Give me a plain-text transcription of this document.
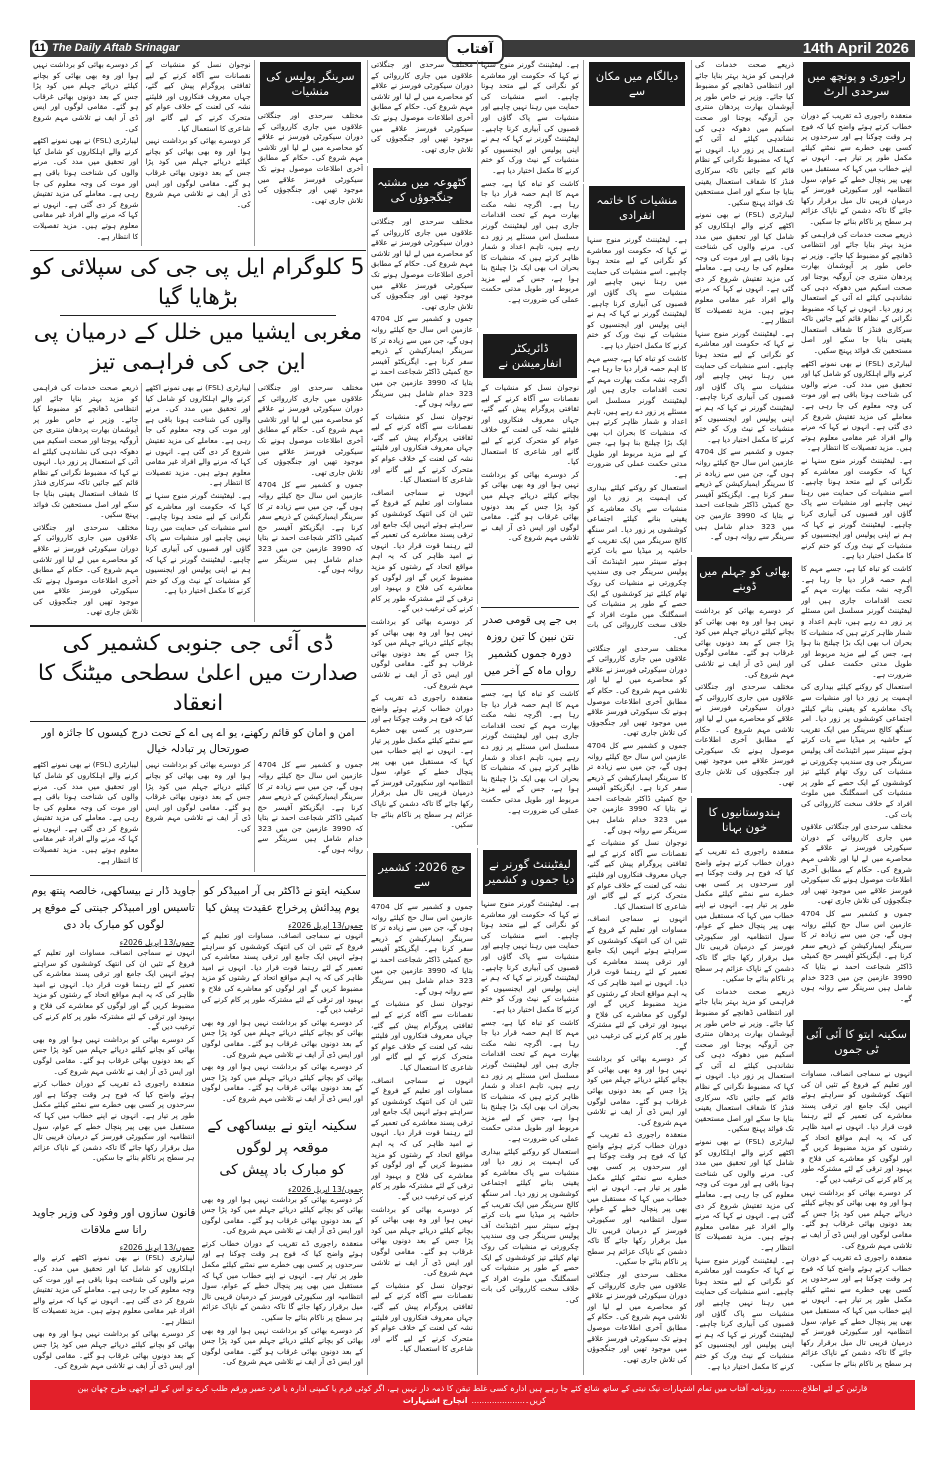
11 The Daily Aftab Srinagar	14th April 2026
آفتاب
راجوری و پونچھ میں سرحدی الرٹ

منعقدہ راجوری ڈے تقریب کے دوران خطاب کرتے ہوئے واضح کیا کہ فوج ہر وقت چوکنا ہے اور سرحدوں پر کسی بھی خطرے سے نمٹنے کیلئے مکمل طور پر تیار ہے۔ انہوں نے اپنے خطاب میں کہا کہ مستقبل میں بھی پیر پنچال خطے کے عوام، سول انتظامیہ اور سکیورٹی فورسز کے درمیان قریبی تال میل برقرار رکھا جائے گا تاکہ دشمن کے ناپاک عزائم ہر سطح پر ناکام بنائے جا سکیں۔

ذریعے صحت خدمات کی فراہمی کو مزید بہتر بنایا جائے اور انتظامی ڈھانچے کو مضبوط کیا جائے۔ وزیر نے خاص طور پر آیوشمان بھارت پردھان منتری جن آروگیہ یوجنا اور صحت اسکیم میں دھوکہ دہی کی نشاندہی کیلئے اے آئی کے استعمال پر زور دیا۔ انہوں نے کہا کہ مضبوط نگرانی کے نظام قائم کیے جائیں تاکہ سرکاری فنڈز کا شفاف استعمال یقینی بنایا جا سکے اور اصل مستحقین تک فوائد پہنچ سکیں۔

لیبارٹری (FSL) نے بھی نمونے اکٹھے کرنے والے اہلکاروں کو شامل کیا اور تحقیق میں مدد کی۔ مرنے والوں کی شناخت ہونا باقی ہے اور موت کی وجہ معلوم کی جا رہی ہے۔ معاملے کی مزید تفتیش شروع کر دی گئی ہے۔ انہوں نے کہا کہ مرنے والے افراد غیر مقامی معلوم ہوتے ہیں۔ مزید تفصیلات کا انتظار ہے۔

ہے۔ لیفٹیننٹ گورنر منوج سنہا نے کہا کہ حکومت اور معاشرے کو نگرانی کے لیے متحد ہونا چاہیے۔ اسے منشیات کی حمایت میں رہنا نہیں چاہیے اور منشیات سے پاک گاؤں اور قصبوں کی آبیاری کرنا چاہیے۔ لیفٹیننٹ گورنر نے کہا کہ ہم نے اپنی پولیس اور ایجنسیوں کو منشیات کے نیٹ ورک کو ختم کرنے کا مکمل اختیار دیا ہے۔

کاشت کو تباہ کیا ہے، جسے مہم کا اہم حصہ قرار دیا جا رہا ہے۔ اگرچہ نشہ مکت بھارت مہم کے تحت اقدامات جاری ہیں اور لیفٹیننٹ گورنر مسلسل اس مسئلے پر زور دے رہے ہیں، تاہم اعداد و شمار ظاہر کرتے ہیں کہ منشیات کا بحران اب بھی ایک بڑا چیلنج بنا ہوا ہے، جس کے لیے مزید مربوط اور طویل مدتی حکمت عملی کی ضرورت ہے۔

استعمال کو روکنے کیلئے بیداری کی اہمیت پر زور دیا اور منشیات سے پاک معاشرے کو یقینی بنانے کیلئے اجتماعی کوششوں پر زور دیا۔ امر سنگھ کالج سرینگر میں ایک تقریب کے حاشیہ پر میڈیا سے بات کرتے ہوئے سینئر سپر انٹینڈنٹ آف پولیس سرینگر جی وی سندیپ چکرورتی نے منشیات کی روک تھام کیلئے تیز کوششوں کے ایک حصے کے طور پر منشیات کی اسمگلنگ میں ملوث افراد کے خلاف سخت کارروائی کی بات کی۔

مختلف سرحدی اور جنگلاتی علاقوں میں جاری کارروائی کے دوران سیکورٹی فورسز نے علاقے کو محاصرے میں لے لیا اور تلاشی مہم شروع کی۔ حکام کے مطابق آخری اطلاعات موصول ہونے تک سیکورٹی فورسز علاقے میں موجود تھیں اور جنگجوؤں کی تلاش جاری تھی۔

جموں و کشمیر سے کل 4704 عازمین اس سال حج کیلئے روانہ ہوں گے، جن میں سے زیادہ تر کا سرینگر ایمبارکیشن کے ذریعے سفر کرنا ہے۔ ایگزیکٹو آفیسر حج کمیٹی ڈاکٹر شجاعت احمد نے بتایا کہ 3990 عازمین جن میں 323 خدام شامل ہیں سرینگر سے روانہ ہوں گے۔

سکینہ ایتو کا آئی آئی ٹی جموں

انہوں نے سماجی انصاف، مساوات اور تعلیم کے فروغ کے تئیں ان کی انتھک کوششوں کو سراہتے ہوئے انہیں ایک جامع اور ترقی پسند معاشرے کی تعمیر کے لئے رہنما قوت قرار دیا۔ انہوں نے امید ظاہر کی کہ یہ اہم مواقع اتحاد کے رشتوں کو مزید مضبوط کریں گے اور لوگوں کو معاشرے کی فلاح و بہبود اور ترقی کے لئے مشترکہ طور پر کام کرنے کی ترغیب دیں گے۔

کر دوسرے بھائی کو برداشت نہیں ہوا اور وہ بھی بھائی کو بچانے کیلئے دریائے جہلم میں کود پڑا جس کے بعد دونوں بھائی غرقاب ہو گئے۔ مقامی لوگوں اور ایس ڈی آر ایف نے تلاشی مہم شروع کی۔

منعقدہ راجوری ڈے تقریب کے دوران خطاب کرتے ہوئے واضح کیا کہ فوج ہر وقت چوکنا ہے اور سرحدوں پر کسی بھی خطرے سے نمٹنے کیلئے مکمل طور پر تیار ہے۔ انہوں نے اپنے خطاب میں کہا کہ مستقبل میں بھی پیر پنچال خطے کے عوام، سول انتظامیہ اور سکیورٹی فورسز کے درمیان قریبی تال میل برقرار رکھا جائے گا تاکہ دشمن کے ناپاک عزائم ہر سطح پر ناکام بنائے جا سکیں۔

ذریعے صحت خدمات کی فراہمی کو مزید بہتر بنایا جائے اور انتظامی ڈھانچے کو مضبوط کیا جائے۔ وزیر نے خاص طور پر آیوشمان بھارت پردھان منتری جن آروگیہ یوجنا اور صحت اسکیم میں دھوکہ دہی کی نشاندہی کیلئے اے آئی کے استعمال پر زور دیا۔ انہوں نے کہا کہ مضبوط نگرانی کے نظام قائم کیے جائیں تاکہ سرکاری فنڈز کا شفاف استعمال یقینی بنایا جا سکے اور اصل مستحقین تک فوائد پہنچ سکیں۔

لیبارٹری (FSL) نے بھی نمونے اکٹھے کرنے والے اہلکاروں کو شامل کیا اور تحقیق میں مدد کی۔ مرنے والوں کی شناخت ہونا باقی ہے اور موت کی وجہ معلوم کی جا رہی ہے۔ معاملے کی مزید تفتیش شروع کر دی گئی ہے۔ انہوں نے کہا کہ مرنے والے افراد غیر مقامی معلوم ہوتے ہیں۔ مزید تفصیلات کا انتظار ہے۔

ہے۔ لیفٹیننٹ گورنر منوج سنہا نے کہا کہ حکومت اور معاشرے کو نگرانی کے لیے متحد ہونا چاہیے۔ اسے منشیات کی حمایت میں رہنا نہیں چاہیے اور منشیات سے پاک گاؤں اور قصبوں کی آبیاری کرنا چاہیے۔ لیفٹیننٹ گورنر نے کہا کہ ہم نے اپنی پولیس اور ایجنسیوں کو منشیات کے نیٹ ورک کو ختم کرنے کا مکمل اختیار دیا ہے۔

جموں و کشمیر سے کل 4704 عازمین اس سال حج کیلئے روانہ ہوں گے، جن میں سے زیادہ تر کا سرینگر ایمبارکیشن کے ذریعے سفر کرنا ہے۔ ایگزیکٹو آفیسر حج کمیٹی ڈاکٹر شجاعت احمد نے بتایا کہ 3990 عازمین جن میں 323 خدام شامل ہیں سرینگر سے روانہ ہوں گے۔

بھائی کو جہلم میں ڈوبنے

کر دوسرے بھائی کو برداشت نہیں ہوا اور وہ بھی بھائی کو بچانے کیلئے دریائے جہلم میں کود پڑا جس کے بعد دونوں بھائی غرقاب ہو گئے۔ مقامی لوگوں اور ایس ڈی آر ایف نے تلاشی مہم شروع کی۔

مختلف سرحدی اور جنگلاتی علاقوں میں جاری کارروائی کے دوران سیکورٹی فورسز نے علاقے کو محاصرے میں لے لیا اور تلاشی مہم شروع کی۔ حکام کے مطابق آخری اطلاعات موصول ہونے تک سیکورٹی فورسز علاقے میں موجود تھیں اور جنگجوؤں کی تلاش جاری تھی۔

ہندوستانیوں کا خون بہانا

منعقدہ راجوری ڈے تقریب کے دوران خطاب کرتے ہوئے واضح کیا کہ فوج ہر وقت چوکنا ہے اور سرحدوں پر کسی بھی خطرے سے نمٹنے کیلئے مکمل طور پر تیار ہے۔ انہوں نے اپنے خطاب میں کہا کہ مستقبل میں بھی پیر پنچال خطے کے عوام، سول انتظامیہ اور سکیورٹی فورسز کے درمیان قریبی تال میل برقرار رکھا جائے گا تاکہ دشمن کے ناپاک عزائم ہر سطح پر ناکام بنائے جا سکیں۔

ذریعے صحت خدمات کی فراہمی کو مزید بہتر بنایا جائے اور انتظامی ڈھانچے کو مضبوط کیا جائے۔ وزیر نے خاص طور پر آیوشمان بھارت پردھان منتری جن آروگیہ یوجنا اور صحت اسکیم میں دھوکہ دہی کی نشاندہی کیلئے اے آئی کے استعمال پر زور دیا۔ انہوں نے کہا کہ مضبوط نگرانی کے نظام قائم کیے جائیں تاکہ سرکاری فنڈز کا شفاف استعمال یقینی بنایا جا سکے اور اصل مستحقین تک فوائد پہنچ سکیں۔

لیبارٹری (FSL) نے بھی نمونے اکٹھے کرنے والے اہلکاروں کو شامل کیا اور تحقیق میں مدد کی۔ مرنے والوں کی شناخت ہونا باقی ہے اور موت کی وجہ معلوم کی جا رہی ہے۔ معاملے کی مزید تفتیش شروع کر دی گئی ہے۔ انہوں نے کہا کہ مرنے والے افراد غیر مقامی معلوم ہوتے ہیں۔ مزید تفصیلات کا انتظار ہے۔

ہے۔ لیفٹیننٹ گورنر منوج سنہا نے کہا کہ حکومت اور معاشرے کو نگرانی کے لیے متحد ہونا چاہیے۔ اسے منشیات کی حمایت میں رہنا نہیں چاہیے اور منشیات سے پاک گاؤں اور قصبوں کی آبیاری کرنا چاہیے۔ لیفٹیننٹ گورنر نے کہا کہ ہم نے اپنی پولیس اور ایجنسیوں کو منشیات کے نیٹ ورک کو ختم کرنے کا مکمل اختیار دیا ہے۔

دیالگام میں مکان سے
منشیات کا خاتمہ انفرادی

ہے۔ لیفٹیننٹ گورنر منوج سنہا نے کہا کہ حکومت اور معاشرے کو نگرانی کے لیے متحد ہونا چاہیے۔ اسے منشیات کی حمایت میں رہنا نہیں چاہیے اور منشیات سے پاک گاؤں اور قصبوں کی آبیاری کرنا چاہیے۔ لیفٹیننٹ گورنر نے کہا کہ ہم نے اپنی پولیس اور ایجنسیوں کو منشیات کے نیٹ ورک کو ختم کرنے کا مکمل اختیار دیا ہے۔

کاشت کو تباہ کیا ہے، جسے مہم کا اہم حصہ قرار دیا جا رہا ہے۔ اگرچہ نشہ مکت بھارت مہم کے تحت اقدامات جاری ہیں اور لیفٹیننٹ گورنر مسلسل اس مسئلے پر زور دے رہے ہیں، تاہم اعداد و شمار ظاہر کرتے ہیں کہ منشیات کا بحران اب بھی ایک بڑا چیلنج بنا ہوا ہے، جس کے لیے مزید مربوط اور طویل مدتی حکمت عملی کی ضرورت ہے۔

استعمال کو روکنے کیلئے بیداری کی اہمیت پر زور دیا اور منشیات سے پاک معاشرے کو یقینی بنانے کیلئے اجتماعی کوششوں پر زور دیا۔ امر سنگھ کالج سرینگر میں ایک تقریب کے حاشیہ پر میڈیا سے بات کرتے ہوئے سینئر سپر انٹینڈنٹ آف پولیس سرینگر جی وی سندیپ چکرورتی نے منشیات کی روک تھام کیلئے تیز کوششوں کے ایک حصے کے طور پر منشیات کی اسمگلنگ میں ملوث افراد کے خلاف سخت کارروائی کی بات کی۔

مختلف سرحدی اور جنگلاتی علاقوں میں جاری کارروائی کے دوران سیکورٹی فورسز نے علاقے کو محاصرے میں لے لیا اور تلاشی مہم شروع کی۔ حکام کے مطابق آخری اطلاعات موصول ہونے تک سیکورٹی فورسز علاقے میں موجود تھیں اور جنگجوؤں کی تلاش جاری تھی۔

جموں و کشمیر سے کل 4704 عازمین اس سال حج کیلئے روانہ ہوں گے، جن میں سے زیادہ تر کا سرینگر ایمبارکیشن کے ذریعے سفر کرنا ہے۔ ایگزیکٹو آفیسر حج کمیٹی ڈاکٹر شجاعت احمد نے بتایا کہ 3990 عازمین جن میں 323 خدام شامل ہیں سرینگر سے روانہ ہوں گے۔

نوجوان نسل کو منشیات کے نقصانات سے آگاہ کرنے کے لیے ثقافتی پروگرام پیش کیے گئے، جہاں معروف فنکاروں اور فلیئنے نشہ کی لعنت کے خلاف عوام کو متحرک کرنے کے لیے گانے اور شاعری کا استعمال کیا۔

انہوں نے سماجی انصاف، مساوات اور تعلیم کے فروغ کے تئیں ان کی انتھک کوششوں کو سراہتے ہوئے انہیں ایک جامع اور ترقی پسند معاشرے کی تعمیر کے لئے رہنما قوت قرار دیا۔ انہوں نے امید ظاہر کی کہ یہ اہم مواقع اتحاد کے رشتوں کو مزید مضبوط کریں گے اور لوگوں کو معاشرے کی فلاح و بہبود اور ترقی کے لئے مشترکہ طور پر کام کرنے کی ترغیب دیں گے۔

کر دوسرے بھائی کو برداشت نہیں ہوا اور وہ بھی بھائی کو بچانے کیلئے دریائے جہلم میں کود پڑا جس کے بعد دونوں بھائی غرقاب ہو گئے۔ مقامی لوگوں اور ایس ڈی آر ایف نے تلاشی مہم شروع کی۔

منعقدہ راجوری ڈے تقریب کے دوران خطاب کرتے ہوئے واضح کیا کہ فوج ہر وقت چوکنا ہے اور سرحدوں پر کسی بھی خطرے سے نمٹنے کیلئے مکمل طور پر تیار ہے۔ انہوں نے اپنے خطاب میں کہا کہ مستقبل میں بھی پیر پنچال خطے کے عوام، سول انتظامیہ اور سکیورٹی فورسز کے درمیان قریبی تال میل برقرار رکھا جائے گا تاکہ دشمن کے ناپاک عزائم ہر سطح پر ناکام بنائے جا سکیں۔

مختلف سرحدی اور جنگلاتی علاقوں میں جاری کارروائی کے دوران سیکورٹی فورسز نے علاقے کو محاصرے میں لے لیا اور تلاشی مہم شروع کی۔ حکام کے مطابق آخری اطلاعات موصول ہونے تک سیکورٹی فورسز علاقے میں موجود تھیں اور جنگجوؤں کی تلاش جاری تھی۔

ہے۔ لیفٹیننٹ گورنر منوج سنہا نے کہا کہ حکومت اور معاشرے کو نگرانی کے لیے متحد ہونا چاہیے۔ اسے منشیات کی حمایت میں رہنا نہیں چاہیے اور منشیات سے پاک گاؤں اور قصبوں کی آبیاری کرنا چاہیے۔ لیفٹیننٹ گورنر نے کہا کہ ہم نے اپنی پولیس اور ایجنسیوں کو منشیات کے نیٹ ورک کو ختم کرنے کا مکمل اختیار دیا ہے۔

کاشت کو تباہ کیا ہے، جسے مہم کا اہم حصہ قرار دیا جا رہا ہے۔ اگرچہ نشہ مکت بھارت مہم کے تحت اقدامات جاری ہیں اور لیفٹیننٹ گورنر مسلسل اس مسئلے پر زور دے رہے ہیں، تاہم اعداد و شمار ظاہر کرتے ہیں کہ منشیات کا بحران اب بھی ایک بڑا چیلنج بنا ہوا ہے، جس کے لیے مزید مربوط اور طویل مدتی حکمت عملی کی ضرورت ہے۔

ڈائریکٹر انفارمیشن نے

نوجوان نسل کو منشیات کے نقصانات سے آگاہ کرنے کے لیے ثقافتی پروگرام پیش کیے گئے، جہاں معروف فنکاروں اور فلیئنے نشہ کی لعنت کے خلاف عوام کو متحرک کرنے کے لیے گانے اور شاعری کا استعمال کیا۔

کر دوسرے بھائی کو برداشت نہیں ہوا اور وہ بھی بھائی کو بچانے کیلئے دریائے جہلم میں کود پڑا جس کے بعد دونوں بھائی غرقاب ہو گئے۔ مقامی لوگوں اور ایس ڈی آر ایف نے تلاشی مہم شروع کی۔

بی جے پی قومی صدر نتن نبین کا تین روزہ دورہ جموں کشمیر رواں ماہ کے آخر میں

کاشت کو تباہ کیا ہے، جسے مہم کا اہم حصہ قرار دیا جا رہا ہے۔ اگرچہ نشہ مکت بھارت مہم کے تحت اقدامات جاری ہیں اور لیفٹیننٹ گورنر مسلسل اس مسئلے پر زور دے رہے ہیں، تاہم اعداد و شمار ظاہر کرتے ہیں کہ منشیات کا بحران اب بھی ایک بڑا چیلنج بنا ہوا ہے، جس کے لیے مزید مربوط اور طویل مدتی حکمت عملی کی ضرورت ہے۔

لیفٹیننٹ گورنر نے دیا جموں و کشمیر

ہے۔ لیفٹیننٹ گورنر منوج سنہا نے کہا کہ حکومت اور معاشرے کو نگرانی کے لیے متحد ہونا چاہیے۔ اسے منشیات کی حمایت میں رہنا نہیں چاہیے اور منشیات سے پاک گاؤں اور قصبوں کی آبیاری کرنا چاہیے۔ لیفٹیننٹ گورنر نے کہا کہ ہم نے اپنی پولیس اور ایجنسیوں کو منشیات کے نیٹ ورک کو ختم کرنے کا مکمل اختیار دیا ہے۔

کاشت کو تباہ کیا ہے، جسے مہم کا اہم حصہ قرار دیا جا رہا ہے۔ اگرچہ نشہ مکت بھارت مہم کے تحت اقدامات جاری ہیں اور لیفٹیننٹ گورنر مسلسل اس مسئلے پر زور دے رہے ہیں، تاہم اعداد و شمار ظاہر کرتے ہیں کہ منشیات کا بحران اب بھی ایک بڑا چیلنج بنا ہوا ہے، جس کے لیے مزید مربوط اور طویل مدتی حکمت عملی کی ضرورت ہے۔

استعمال کو روکنے کیلئے بیداری کی اہمیت پر زور دیا اور منشیات سے پاک معاشرے کو یقینی بنانے کیلئے اجتماعی کوششوں پر زور دیا۔ امر سنگھ کالج سرینگر میں ایک تقریب کے حاشیہ پر میڈیا سے بات کرتے ہوئے سینئر سپر انٹینڈنٹ آف پولیس سرینگر جی وی سندیپ چکرورتی نے منشیات کی روک تھام کیلئے تیز کوششوں کے ایک حصے کے طور پر منشیات کی اسمگلنگ میں ملوث افراد کے خلاف سخت کارروائی کی بات کی۔

مختلف سرحدی اور جنگلاتی علاقوں میں جاری کارروائی کے دوران سیکورٹی فورسز نے علاقے کو محاصرے میں لے لیا اور تلاشی مہم شروع کی۔ حکام کے مطابق آخری اطلاعات موصول ہونے تک سیکورٹی فورسز علاقے میں موجود تھیں اور جنگجوؤں کی تلاش جاری تھی۔

کٹھوعہ میں مشتبہ جنگجوؤں کی

مختلف سرحدی اور جنگلاتی علاقوں میں جاری کارروائی کے دوران سیکورٹی فورسز نے علاقے کو محاصرے میں لے لیا اور تلاشی مہم شروع کی۔ حکام کے مطابق آخری اطلاعات موصول ہونے تک سیکورٹی فورسز علاقے میں موجود تھیں اور جنگجوؤں کی تلاش جاری تھی۔

جموں و کشمیر سے کل 4704 عازمین اس سال حج کیلئے روانہ ہوں گے، جن میں سے زیادہ تر کا سرینگر ایمبارکیشن کے ذریعے سفر کرنا ہے۔ ایگزیکٹو آفیسر حج کمیٹی ڈاکٹر شجاعت احمد نے بتایا کہ 3990 عازمین جن میں 323 خدام شامل ہیں سرینگر سے روانہ ہوں گے۔

نوجوان نسل کو منشیات کے نقصانات سے آگاہ کرنے کے لیے ثقافتی پروگرام پیش کیے گئے، جہاں معروف فنکاروں اور فلیئنے نشہ کی لعنت کے خلاف عوام کو متحرک کرنے کے لیے گانے اور شاعری کا استعمال کیا۔

انہوں نے سماجی انصاف، مساوات اور تعلیم کے فروغ کے تئیں ان کی انتھک کوششوں کو سراہتے ہوئے انہیں ایک جامع اور ترقی پسند معاشرے کی تعمیر کے لئے رہنما قوت قرار دیا۔ انہوں نے امید ظاہر کی کہ یہ اہم مواقع اتحاد کے رشتوں کو مزید مضبوط کریں گے اور لوگوں کو معاشرے کی فلاح و بہبود اور ترقی کے لئے مشترکہ طور پر کام کرنے کی ترغیب دیں گے۔

کر دوسرے بھائی کو برداشت نہیں ہوا اور وہ بھی بھائی کو بچانے کیلئے دریائے جہلم میں کود پڑا جس کے بعد دونوں بھائی غرقاب ہو گئے۔ مقامی لوگوں اور ایس ڈی آر ایف نے تلاشی مہم شروع کی۔

منعقدہ راجوری ڈے تقریب کے دوران خطاب کرتے ہوئے واضح کیا کہ فوج ہر وقت چوکنا ہے اور سرحدوں پر کسی بھی خطرے سے نمٹنے کیلئے مکمل طور پر تیار ہے۔ انہوں نے اپنے خطاب میں کہا کہ مستقبل میں بھی پیر پنچال خطے کے عوام، سول انتظامیہ اور سکیورٹی فورسز کے درمیان قریبی تال میل برقرار رکھا جائے گا تاکہ دشمن کے ناپاک عزائم ہر سطح پر ناکام بنائے جا سکیں۔

حج 2026: کشمیر سے

جموں و کشمیر سے کل 4704 عازمین اس سال حج کیلئے روانہ ہوں گے، جن میں سے زیادہ تر کا سرینگر ایمبارکیشن کے ذریعے سفر کرنا ہے۔ ایگزیکٹو آفیسر حج کمیٹی ڈاکٹر شجاعت احمد نے بتایا کہ 3990 عازمین جن میں 323 خدام شامل ہیں سرینگر سے روانہ ہوں گے۔

نوجوان نسل کو منشیات کے نقصانات سے آگاہ کرنے کے لیے ثقافتی پروگرام پیش کیے گئے، جہاں معروف فنکاروں اور فلیئنے نشہ کی لعنت کے خلاف عوام کو متحرک کرنے کے لیے گانے اور شاعری کا استعمال کیا۔

انہوں نے سماجی انصاف، مساوات اور تعلیم کے فروغ کے تئیں ان کی انتھک کوششوں کو سراہتے ہوئے انہیں ایک جامع اور ترقی پسند معاشرے کی تعمیر کے لئے رہنما قوت قرار دیا۔ انہوں نے امید ظاہر کی کہ یہ اہم مواقع اتحاد کے رشتوں کو مزید مضبوط کریں گے اور لوگوں کو معاشرے کی فلاح و بہبود اور ترقی کے لئے مشترکہ طور پر کام کرنے کی ترغیب دیں گے۔

کر دوسرے بھائی کو برداشت نہیں ہوا اور وہ بھی بھائی کو بچانے کیلئے دریائے جہلم میں کود پڑا جس کے بعد دونوں بھائی غرقاب ہو گئے۔ مقامی لوگوں اور ایس ڈی آر ایف نے تلاشی مہم شروع کی۔

نوجوان نسل کو منشیات کے نقصانات سے آگاہ کرنے کے لیے ثقافتی پروگرام پیش کیے گئے، جہاں معروف فنکاروں اور فلیئنے نشہ کی لعنت کے خلاف عوام کو متحرک کرنے کے لیے گانے اور شاعری کا استعمال کیا۔

سرینگر پولیس کی منشیات

مختلف سرحدی اور جنگلاتی علاقوں میں جاری کارروائی کے دوران سیکورٹی فورسز نے علاقے کو محاصرے میں لے لیا اور تلاشی مہم شروع کی۔ حکام کے مطابق آخری اطلاعات موصول ہونے تک سیکورٹی فورسز علاقے میں موجود تھیں اور جنگجوؤں کی تلاش جاری تھی۔

نوجوان نسل کو منشیات کے نقصانات سے آگاہ کرنے کے لیے ثقافتی پروگرام پیش کیے گئے، جہاں معروف فنکاروں اور فلیئنے نشہ کی لعنت کے خلاف عوام کو متحرک کرنے کے لیے گانے اور شاعری کا استعمال کیا۔

کر دوسرے بھائی کو برداشت نہیں ہوا اور وہ بھی بھائی کو بچانے کیلئے دریائے جہلم میں کود پڑا جس کے بعد دونوں بھائی غرقاب ہو گئے۔ مقامی لوگوں اور ایس ڈی آر ایف نے تلاشی مہم شروع کی۔

کر دوسرے بھائی کو برداشت نہیں ہوا اور وہ بھی بھائی کو بچانے کیلئے دریائے جہلم میں کود پڑا جس کے بعد دونوں بھائی غرقاب ہو گئے۔ مقامی لوگوں اور ایس ڈی آر ایف نے تلاشی مہم شروع کی۔

لیبارٹری (FSL) نے بھی نمونے اکٹھے کرنے والے اہلکاروں کو شامل کیا اور تحقیق میں مدد کی۔ مرنے والوں کی شناخت ہونا باقی ہے اور موت کی وجہ معلوم کی جا رہی ہے۔ معاملے کی مزید تفتیش شروع کر دی گئی ہے۔ انہوں نے کہا کہ مرنے والے افراد غیر مقامی معلوم ہوتے ہیں۔ مزید تفصیلات کا انتظار ہے۔

5 کلوگرام ایل پی جی کی سپلائی کو بڑھایا گیا
مغربی ایشیا میں خلل کے درمیان پی این جی کی فراہمی تیز

مختلف سرحدی اور جنگلاتی علاقوں میں جاری کارروائی کے دوران سیکورٹی فورسز نے علاقے کو محاصرے میں لے لیا اور تلاشی مہم شروع کی۔ حکام کے مطابق آخری اطلاعات موصول ہونے تک سیکورٹی فورسز علاقے میں موجود تھیں اور جنگجوؤں کی تلاش جاری تھی۔

جموں و کشمیر سے کل 4704 عازمین اس سال حج کیلئے روانہ ہوں گے، جن میں سے زیادہ تر کا سرینگر ایمبارکیشن کے ذریعے سفر کرنا ہے۔ ایگزیکٹو آفیسر حج کمیٹی ڈاکٹر شجاعت احمد نے بتایا کہ 3990 عازمین جن میں 323 خدام شامل ہیں سرینگر سے روانہ ہوں گے۔

لیبارٹری (FSL) نے بھی نمونے اکٹھے کرنے والے اہلکاروں کو شامل کیا اور تحقیق میں مدد کی۔ مرنے والوں کی شناخت ہونا باقی ہے اور موت کی وجہ معلوم کی جا رہی ہے۔ معاملے کی مزید تفتیش شروع کر دی گئی ہے۔ انہوں نے کہا کہ مرنے والے افراد غیر مقامی معلوم ہوتے ہیں۔ مزید تفصیلات کا انتظار ہے۔

ہے۔ لیفٹیننٹ گورنر منوج سنہا نے کہا کہ حکومت اور معاشرے کو نگرانی کے لیے متحد ہونا چاہیے۔ اسے منشیات کی حمایت میں رہنا نہیں چاہیے اور منشیات سے پاک گاؤں اور قصبوں کی آبیاری کرنا چاہیے۔ لیفٹیننٹ گورنر نے کہا کہ ہم نے اپنی پولیس اور ایجنسیوں کو منشیات کے نیٹ ورک کو ختم کرنے کا مکمل اختیار دیا ہے۔

ذریعے صحت خدمات کی فراہمی کو مزید بہتر بنایا جائے اور انتظامی ڈھانچے کو مضبوط کیا جائے۔ وزیر نے خاص طور پر آیوشمان بھارت پردھان منتری جن آروگیہ یوجنا اور صحت اسکیم میں دھوکہ دہی کی نشاندہی کیلئے اے آئی کے استعمال پر زور دیا۔ انہوں نے کہا کہ مضبوط نگرانی کے نظام قائم کیے جائیں تاکہ سرکاری فنڈز کا شفاف استعمال یقینی بنایا جا سکے اور اصل مستحقین تک فوائد پہنچ سکیں۔

مختلف سرحدی اور جنگلاتی علاقوں میں جاری کارروائی کے دوران سیکورٹی فورسز نے علاقے کو محاصرے میں لے لیا اور تلاشی مہم شروع کی۔ حکام کے مطابق آخری اطلاعات موصول ہونے تک سیکورٹی فورسز علاقے میں موجود تھیں اور جنگجوؤں کی تلاش جاری تھی۔

ڈی آئی جی جنوبی کشمیر کی صدارت میں اعلیٰ سطحی میٹنگ کا انعقاد
امن و امان کو قائم رکھنے، یو اے پی اے کے تحت درج کیسوں کا جائزہ اور صورتحال پر تبادلہ خیال

جموں و کشمیر سے کل 4704 عازمین اس سال حج کیلئے روانہ ہوں گے، جن میں سے زیادہ تر کا سرینگر ایمبارکیشن کے ذریعے سفر کرنا ہے۔ ایگزیکٹو آفیسر حج کمیٹی ڈاکٹر شجاعت احمد نے بتایا کہ 3990 عازمین جن میں 323 خدام شامل ہیں سرینگر سے روانہ ہوں گے۔

کر دوسرے بھائی کو برداشت نہیں ہوا اور وہ بھی بھائی کو بچانے کیلئے دریائے جہلم میں کود پڑا جس کے بعد دونوں بھائی غرقاب ہو گئے۔ مقامی لوگوں اور ایس ڈی آر ایف نے تلاشی مہم شروع کی۔

لیبارٹری (FSL) نے بھی نمونے اکٹھے کرنے والے اہلکاروں کو شامل کیا اور تحقیق میں مدد کی۔ مرنے والوں کی شناخت ہونا باقی ہے اور موت کی وجہ معلوم کی جا رہی ہے۔ معاملے کی مزید تفتیش شروع کر دی گئی ہے۔ انہوں نے کہا کہ مرنے والے افراد غیر مقامی معلوم ہوتے ہیں۔ مزید تفصیلات کا انتظار ہے۔

سکینہ ایتو نے ڈاکٹر بی آر امبیڈکر کو یوم پیدائش پرخراج عقیدت پیش کیا
جموں/13 اپریل 2026ء

انہوں نے سماجی انصاف، مساوات اور تعلیم کے فروغ کے تئیں ان کی انتھک کوششوں کو سراہتے ہوئے انہیں ایک جامع اور ترقی پسند معاشرے کی تعمیر کے لئے رہنما قوت قرار دیا۔ انہوں نے امید ظاہر کی کہ یہ اہم مواقع اتحاد کے رشتوں کو مزید مضبوط کریں گے اور لوگوں کو معاشرے کی فلاح و بہبود اور ترقی کے لئے مشترکہ طور پر کام کرنے کی ترغیب دیں گے۔

کر دوسرے بھائی کو برداشت نہیں ہوا اور وہ بھی بھائی کو بچانے کیلئے دریائے جہلم میں کود پڑا جس کے بعد دونوں بھائی غرقاب ہو گئے۔ مقامی لوگوں اور ایس ڈی آر ایف نے تلاشی مہم شروع کی۔

کر دوسرے بھائی کو برداشت نہیں ہوا اور وہ بھی بھائی کو بچانے کیلئے دریائے جہلم میں کود پڑا جس کے بعد دونوں بھائی غرقاب ہو گئے۔ مقامی لوگوں اور ایس ڈی آر ایف نے تلاشی مہم شروع کی۔

سکینہ ایتو نے بیساکھی کے موقعہ پر لوگوں
کو مبارک باد پیش کی
جموں/13 اپریل 2026ء

کر دوسرے بھائی کو برداشت نہیں ہوا اور وہ بھی بھائی کو بچانے کیلئے دریائے جہلم میں کود پڑا جس کے بعد دونوں بھائی غرقاب ہو گئے۔ مقامی لوگوں اور ایس ڈی آر ایف نے تلاشی مہم شروع کی۔

منعقدہ راجوری ڈے تقریب کے دوران خطاب کرتے ہوئے واضح کیا کہ فوج ہر وقت چوکنا ہے اور سرحدوں پر کسی بھی خطرے سے نمٹنے کیلئے مکمل طور پر تیار ہے۔ انہوں نے اپنے خطاب میں کہا کہ مستقبل میں بھی پیر پنچال خطے کے عوام، سول انتظامیہ اور سکیورٹی فورسز کے درمیان قریبی تال میل برقرار رکھا جائے گا تاکہ دشمن کے ناپاک عزائم ہر سطح پر ناکام بنائے جا سکیں۔

کر دوسرے بھائی کو برداشت نہیں ہوا اور وہ بھی بھائی کو بچانے کیلئے دریائے جہلم میں کود پڑا جس کے بعد دونوں بھائی غرقاب ہو گئے۔ مقامی لوگوں اور ایس ڈی آر ایف نے تلاشی مہم شروع کی۔

جاوید ڈار نے بیساکھی، خالصہ پنتھ یوم تاسیس اور امبیڈکر جینتی کے موقع پر لوگوں کو مبارک باد دی
جموں/13 اپریل 2026ء

انہوں نے سماجی انصاف، مساوات اور تعلیم کے فروغ کے تئیں ان کی انتھک کوششوں کو سراہتے ہوئے انہیں ایک جامع اور ترقی پسند معاشرے کی تعمیر کے لئے رہنما قوت قرار دیا۔ انہوں نے امید ظاہر کی کہ یہ اہم مواقع اتحاد کے رشتوں کو مزید مضبوط کریں گے اور لوگوں کو معاشرے کی فلاح و بہبود اور ترقی کے لئے مشترکہ طور پر کام کرنے کی ترغیب دیں گے۔

کر دوسرے بھائی کو برداشت نہیں ہوا اور وہ بھی بھائی کو بچانے کیلئے دریائے جہلم میں کود پڑا جس کے بعد دونوں بھائی غرقاب ہو گئے۔ مقامی لوگوں اور ایس ڈی آر ایف نے تلاشی مہم شروع کی۔

منعقدہ راجوری ڈے تقریب کے دوران خطاب کرتے ہوئے واضح کیا کہ فوج ہر وقت چوکنا ہے اور سرحدوں پر کسی بھی خطرے سے نمٹنے کیلئے مکمل طور پر تیار ہے۔ انہوں نے اپنے خطاب میں کہا کہ مستقبل میں بھی پیر پنچال خطے کے عوام، سول انتظامیہ اور سکیورٹی فورسز کے درمیان قریبی تال میل برقرار رکھا جائے گا تاکہ دشمن کے ناپاک عزائم ہر سطح پر ناکام بنائے جا سکیں۔

قانون سازوں اور وفود کی وزیر جاوید رانا سے ملاقات
جموں/13 اپریل 2026ء

لیبارٹری (FSL) نے بھی نمونے اکٹھے کرنے والے اہلکاروں کو شامل کیا اور تحقیق میں مدد کی۔ مرنے والوں کی شناخت ہونا باقی ہے اور موت کی وجہ معلوم کی جا رہی ہے۔ معاملے کی مزید تفتیش شروع کر دی گئی ہے۔ انہوں نے کہا کہ مرنے والے افراد غیر مقامی معلوم ہوتے ہیں۔ مزید تفصیلات کا انتظار ہے۔

کر دوسرے بھائی کو برداشت نہیں ہوا اور وہ بھی بھائی کو بچانے کیلئے دریائے جہلم میں کود پڑا جس کے بعد دونوں بھائی غرقاب ہو گئے۔ مقامی لوگوں اور ایس ڈی آر ایف نے تلاشی مہم شروع کی۔

قارئین کے لئے اطلاع.........روزنامہ آفتاب میں تمام اشتہارات نیک نیتی کے ساتھ شائع کئے جا رہے ہیں ادارہ کسی غلط تیقن کا ذمہ دار نہیں ہے، اگر کوئی فرم یا کمپنی ادارہ یا فرد عمیر ورقم طلب کرے تو اس کے لئے اچھی طرح چھان بین کریں۔.....................انچارج اشتہارات
